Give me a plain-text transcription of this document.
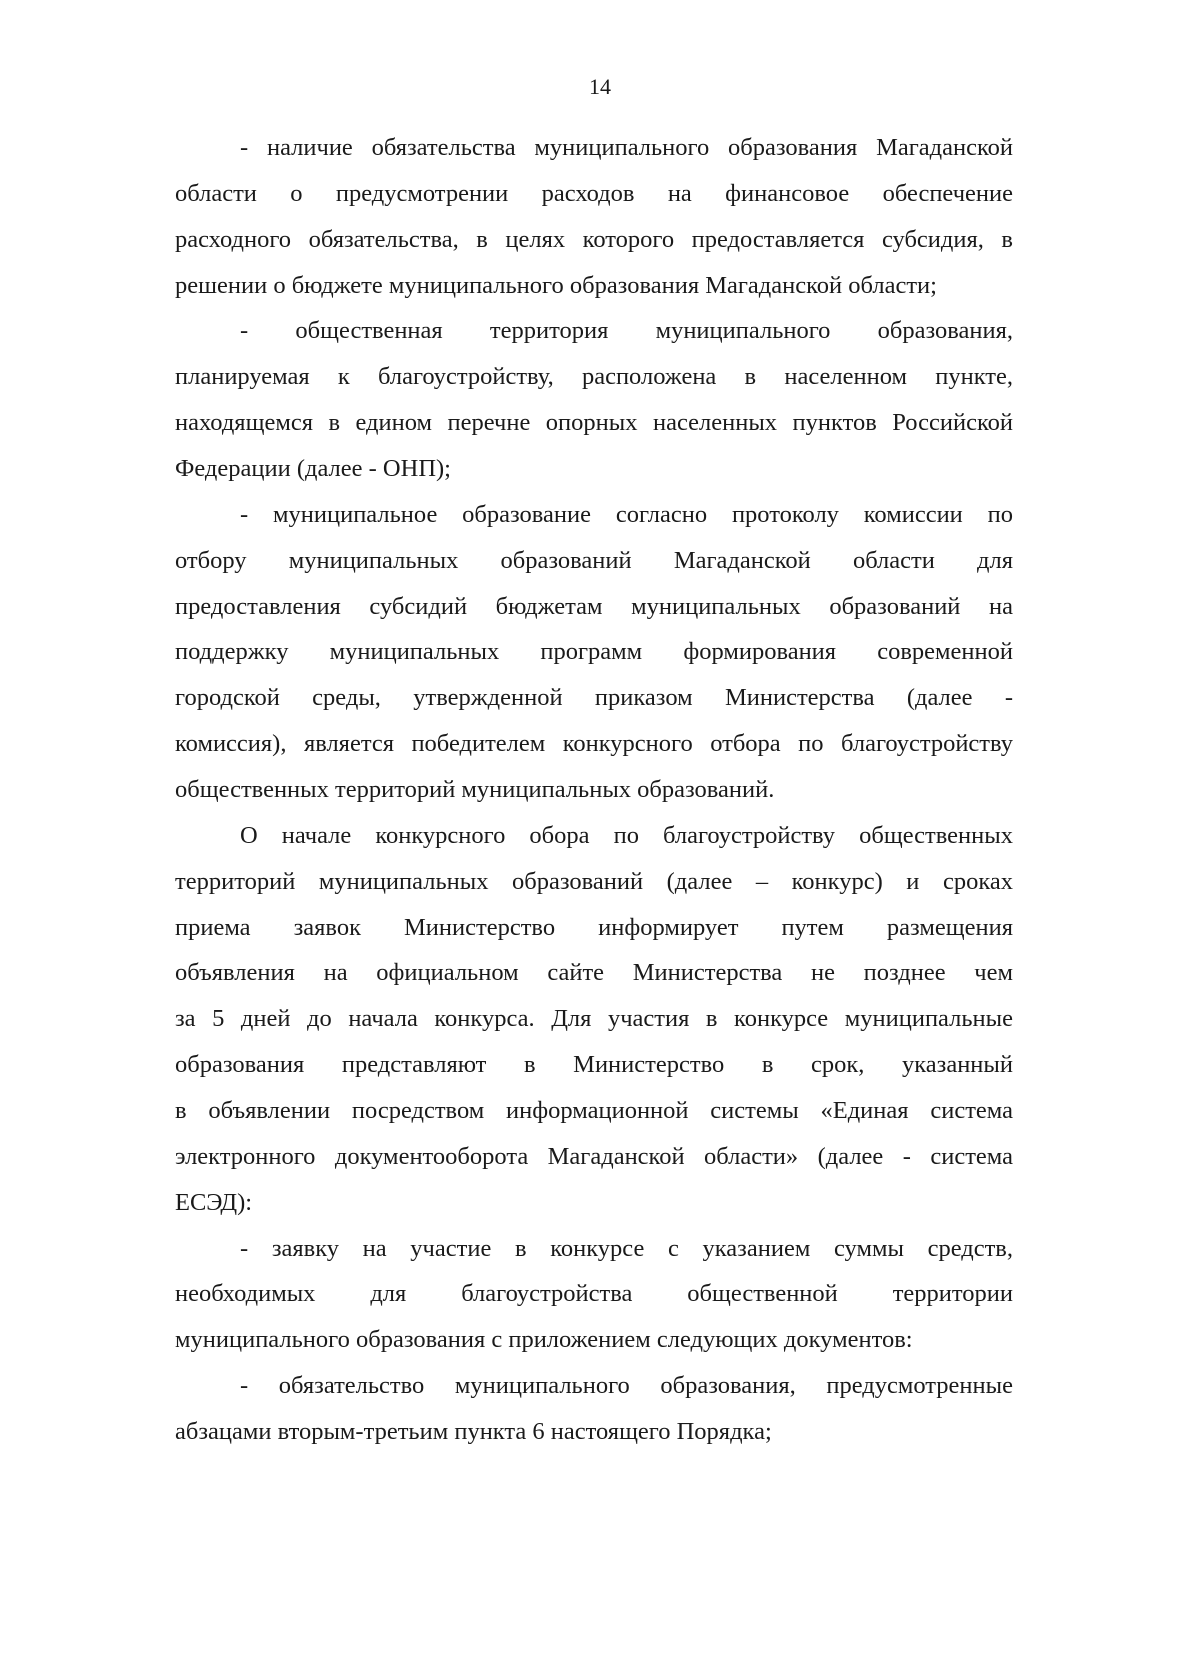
14
- наличие обязательства муниципального образования Магаданской
области о предусмотрении расходов на финансовое обеспечение
расходного обязательства, в целях которого предоставляется субсидия, в
решении о бюджете муниципального образования Магаданской области;
- общественная территория муниципального образования,
планируемая к благоустройству, расположена в населенном пункте,
находящемся в едином перечне опорных населенных пунктов Российской
Федерации (далее - ОНП);
- муниципальное образование согласно протоколу комиссии по
отбору муниципальных образований Магаданской области для
предоставления субсидий бюджетам муниципальных образований на
поддержку муниципальных программ формирования современной
городской среды, утвержденной приказом Министерства (далее -
комиссия), является победителем конкурсного отбора по благоустройству
общественных территорий муниципальных образований.
О начале конкурсного обора по благоустройству общественных
территорий муниципальных образований (далее – конкурс) и сроках
приема заявок Министерство информирует путем размещения
объявления на официальном сайте Министерства не позднее чем
за 5 дней до начала конкурса. Для участия в конкурсе муниципальные
образования представляют в Министерство в срок, указанный
в объявлении посредством информационной системы «Единая система
электронного документооборота Магаданской области» (далее - система
ЕСЭД):
- заявку на участие в конкурсе с указанием суммы средств,
необходимых для благоустройства общественной территории
муниципального образования с приложением следующих документов:
- обязательство муниципального образования, предусмотренные
абзацами вторым-третьим пункта 6 настоящего Порядка;
